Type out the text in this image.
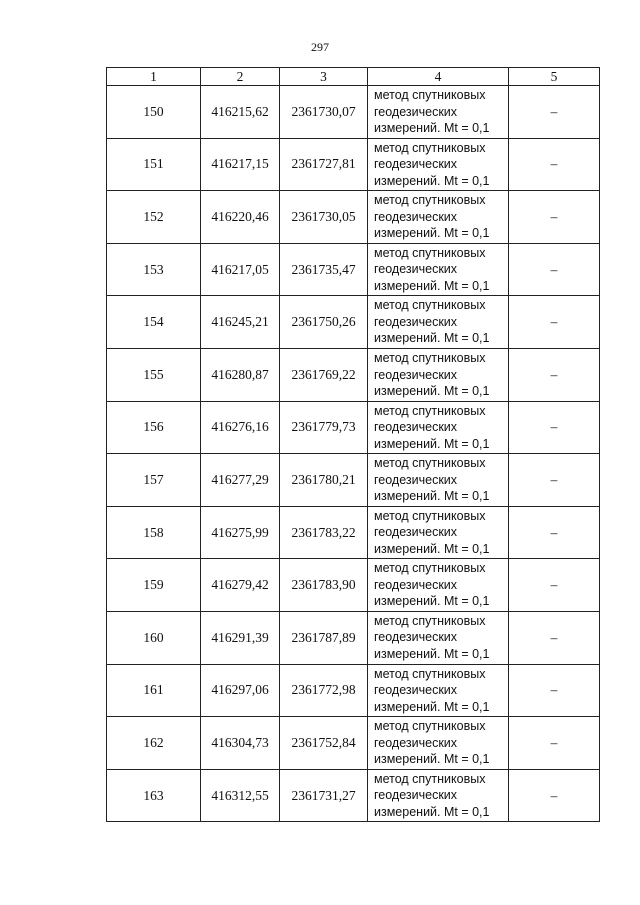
297
1	2	3	4	5
150	416215,62	2361730,07	метод спутниковых
геодезических
измерений. Mt = 0,1	–
151	416217,15	2361727,81	метод спутниковых
геодезических
измерений. Mt = 0,1	–
152	416220,46	2361730,05	метод спутниковых
геодезических
измерений. Mt = 0,1	–
153	416217,05	2361735,47	метод спутниковых
геодезических
измерений. Mt = 0,1	–
154	416245,21	2361750,26	метод спутниковых
геодезических
измерений. Mt = 0,1	–
155	416280,87	2361769,22	метод спутниковых
геодезических
измерений. Mt = 0,1	–
156	416276,16	2361779,73	метод спутниковых
геодезических
измерений. Mt = 0,1	–
157	416277,29	2361780,21	метод спутниковых
геодезических
измерений. Mt = 0,1	–
158	416275,99	2361783,22	метод спутниковых
геодезических
измерений. Mt = 0,1	–
159	416279,42	2361783,90	метод спутниковых
геодезических
измерений. Mt = 0,1	–
160	416291,39	2361787,89	метод спутниковых
геодезических
измерений. Mt = 0,1	–
161	416297,06	2361772,98	метод спутниковых
геодезических
измерений. Mt = 0,1	–
162	416304,73	2361752,84	метод спутниковых
геодезических
измерений. Mt = 0,1	–
163	416312,55	2361731,27	метод спутниковых
геодезических
измерений. Mt = 0,1	–
